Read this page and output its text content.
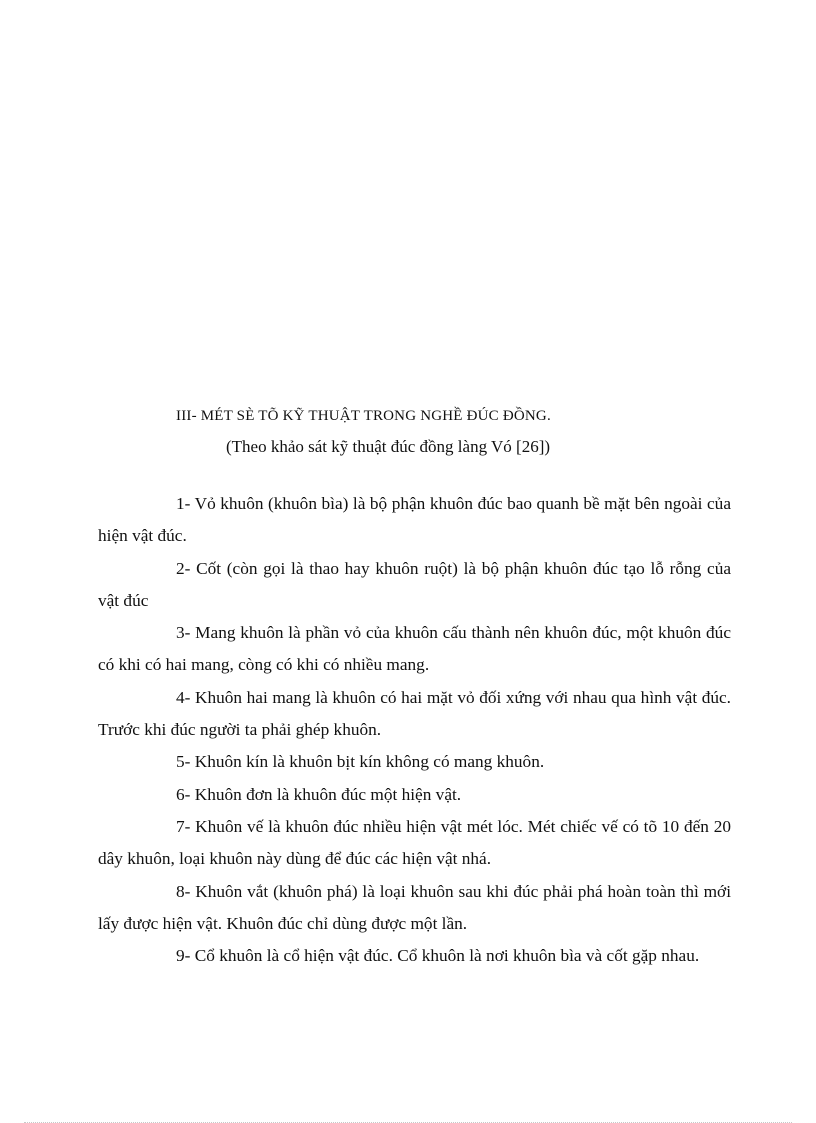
III- MÉT SÈ TÕ KỸ THUẬT TRONG NGHỀ ĐÚC ĐỒNG.
(Theo khảo sát kỹ thuật đúc đồng làng Vó [26])

1- Vỏ khuôn (khuôn bìa) là bộ phận khuôn đúc bao quanh bề mặt bên ngoài của hiện vật đúc.

2- Cốt (còn gọi là thao hay khuôn ruột) là bộ phận khuôn đúc tạo lỗ rỗng của vật đúc

3- Mang khuôn là phần vỏ của khuôn cấu thành nên khuôn đúc, một khuôn đúc có khi có hai mang, còng có khi có nhiều mang.

4- Khuôn hai mang là khuôn có hai mặt vỏ đối xứng với nhau qua hình vật đúc. Trước khi đúc người ta phải ghép khuôn.

5- Khuôn kín là khuôn bịt kín không có mang khuôn.

6- Khuôn đơn là khuôn đúc một hiện vật.

7- Khuôn vế là khuôn đúc nhiều hiện vật mét lóc. Mét chiếc vế có tõ 10 đến 20 dây khuôn, loại khuôn này dùng để đúc các hiện vật nhá.

8- Khuôn vắt (khuôn phá) là loại khuôn sau khi đúc phải phá hoàn toàn thì mới lấy được hiện vật. Khuôn đúc chỉ dùng được một lần.

9- Cổ khuôn là cổ hiện vật đúc. Cổ khuôn là nơi khuôn bìa và cốt gặp nhau.
